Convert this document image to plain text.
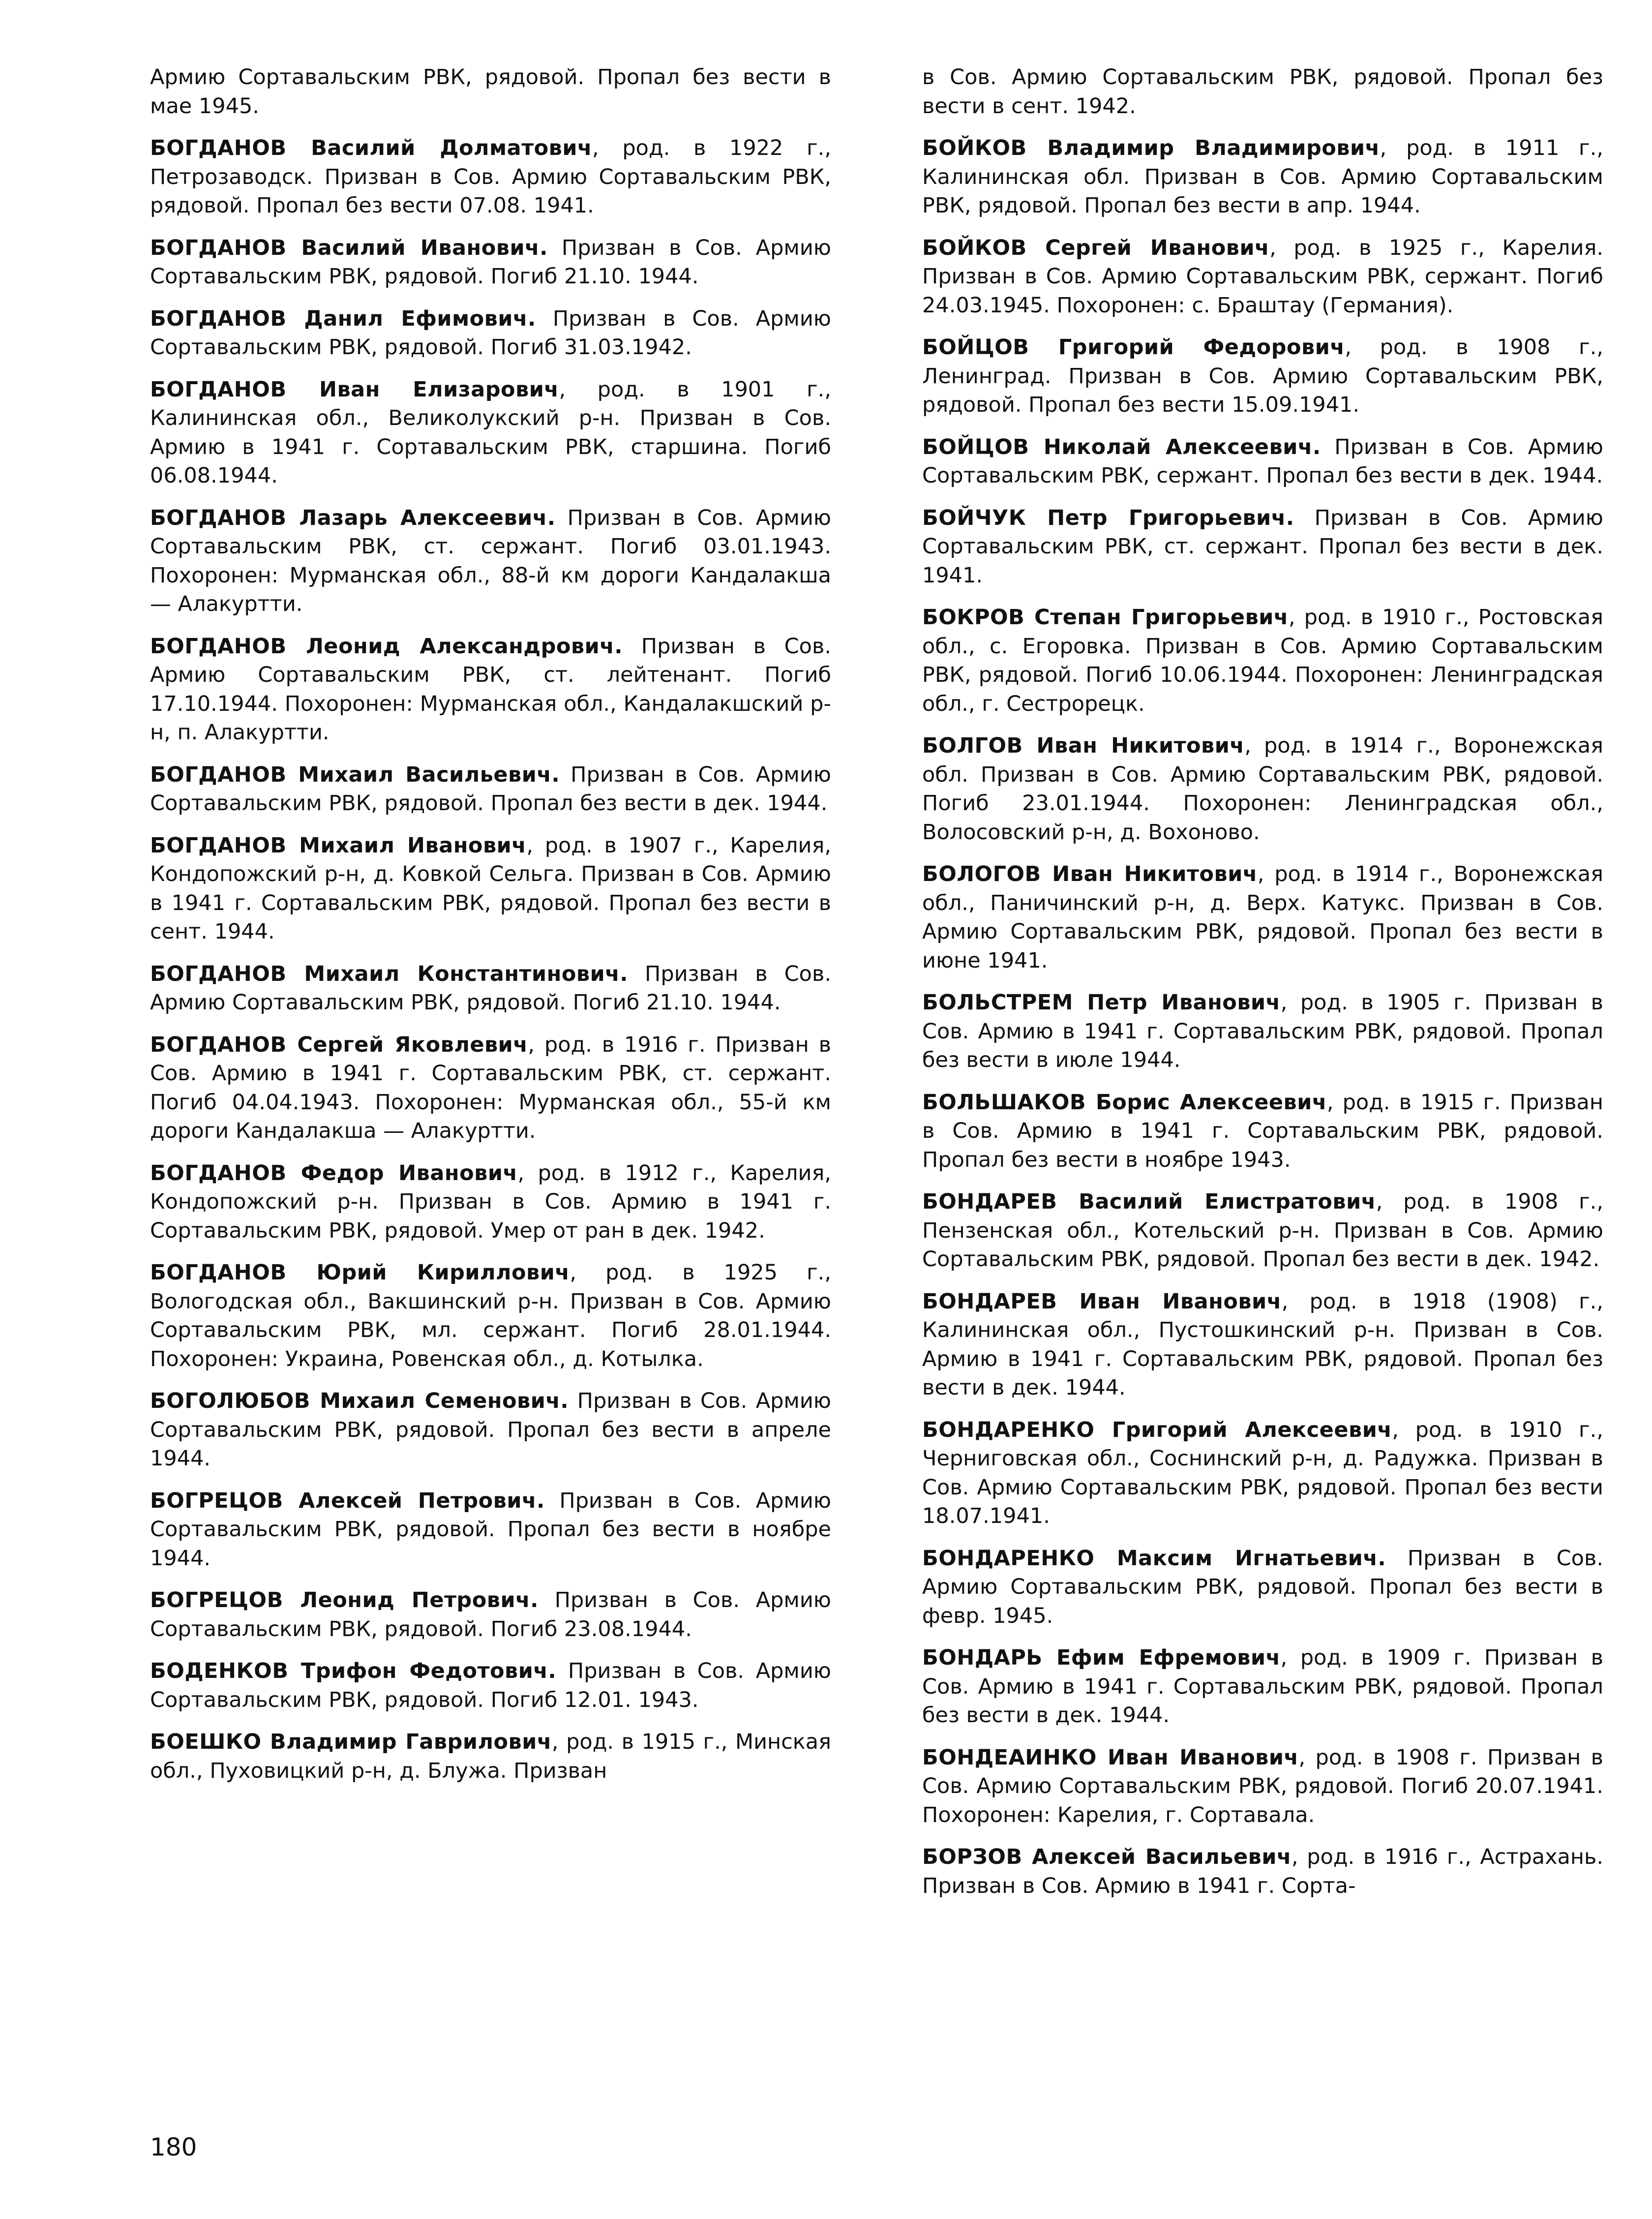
Армию Сортавальским РВК, рядовой. Пропал без вести в мае 1945.

БОГДАНОВ Василий Долматович, род. в 1922 г., Петрозаводск. Призван в Сов. Армию Сортавальским РВК, рядовой. Пропал без вести 07.08. 1941.

БОГДАНОВ Василий Иванович. Призван в Сов. Армию Сортавальским РВК, рядовой. Погиб 21.10. 1944.

БОГДАНОВ Данил Ефимович. Призван в Сов. Армию Сортавальским РВК, рядовой. Погиб 31.03.1942.

БОГДАНОВ Иван Елизарович, род. в 1901 г., Калининская обл., Великолукский р-н. Призван в Сов. Армию в 1941 г. Сортавальским РВК, старшина. Погиб 06.08.1944.

БОГДАНОВ Лазарь Алексеевич. Призван в Сов. Армию Сортавальским РВК, ст. сержант. Погиб 03.01.1943. Похоронен: Мурманская обл., 88-й км дороги Кандалакша — Алакуртти.

БОГДАНОВ Леонид Александрович. Призван в Сов. Армию Сортавальским РВК, ст. лейтенант. Погиб 17.10.1944. Похоронен: Мурманская обл., Кандалакшский р-н, п. Алакуртти.

БОГДАНОВ Михаил Васильевич. Призван в Сов. Армию Сортавальским РВК, рядовой. Пропал без вести в дек. 1944.

БОГДАНОВ Михаил Иванович, род. в 1907 г., Карелия, Кондопожский р-н, д. Ковкой Сельга. Призван в Сов. Армию в 1941 г. Сортавальским РВК, рядовой. Пропал без вести в сент. 1944.

БОГДАНОВ Михаил Константинович. Призван в Сов. Армию Сортавальским РВК, рядовой. Погиб 21.10. 1944.

БОГДАНОВ Сергей Яковлевич, род. в 1916 г. Призван в Сов. Армию в 1941 г. Сортавальским РВК, ст. сержант. Погиб 04.04.1943. Похоронен: Мурманская обл., 55-й км дороги Кандалакша — Алакуртти.

БОГДАНОВ Федор Иванович, род. в 1912 г., Карелия, Кондопожский р-н. Призван в Сов. Армию в 1941 г. Сортавальским РВК, рядовой. Умер от ран в дек. 1942.

БОГДАНОВ Юрий Кириллович, род. в 1925 г., Вологодская обл., Вакшинский р-н. Призван в Сов. Армию Сортавальским РВК, мл. сержант. Погиб 28.01.1944. Похоронен: Украина, Ровенская обл., д. Котылка.

БОГОЛЮБОВ Михаил Семенович. Призван в Сов. Армию Сортавальским РВК, рядовой. Пропал без вести в апреле 1944.

БОГРЕЦОВ Алексей Петрович. Призван в Сов. Армию Сортавальским РВК, рядовой. Пропал без вести в ноябре 1944.

БОГРЕЦОВ Леонид Петрович. Призван в Сов. Армию Сортавальским РВК, рядовой. Погиб 23.08.1944.

БОДЕНКОВ Трифон Федотович. Призван в Сов. Армию Сортавальским РВК, рядовой. Погиб 12.01. 1943.

БОЕШКО Владимир Гаврилович, род. в 1915 г., Минская обл., Пуховицкий р-н, д. Блужа. Призван

в Сов. Армию Сортавальским РВК, рядовой. Пропал без вести в сент. 1942.

БОЙКОВ Владимир Владимирович, род. в 1911 г., Калининская обл. Призван в Сов. Армию Сортавальским РВК, рядовой. Пропал без вести в апр. 1944.

БОЙКОВ Сергей Иванович, род. в 1925 г., Карелия. Призван в Сов. Армию Сортавальским РВК, сержант. Погиб 24.03.1945. Похоронен: с. Браштау (Германия).

БОЙЦОВ Григорий Федорович, род. в 1908 г., Ленинград. Призван в Сов. Армию Сортавальским РВК, рядовой. Пропал без вести 15.09.1941.

БОЙЦОВ Николай Алексеевич. Призван в Сов. Армию Сортавальским РВК, сержант. Пропал без вести в дек. 1944.

БОЙЧУК Петр Григорьевич. Призван в Сов. Армию Сортавальским РВК, ст. сержант. Пропал без вести в дек. 1941.

БОКРОВ Степан Григорьевич, род. в 1910 г., Ростовская обл., с. Егоровка. Призван в Сов. Армию Сортавальским РВК, рядовой. Погиб 10.06.1944. Похоронен: Ленинградская обл., г. Сестрорецк.

БОЛГОВ Иван Никитович, род. в 1914 г., Воронежская обл. Призван в Сов. Армию Сортавальским РВК, рядовой. Погиб 23.01.1944. Похоронен: Ленинградская обл., Волосовский р-н, д. Вохоново.

БОЛОГОВ Иван Никитович, род. в 1914 г., Воронежская обл., Паничинский р-н, д. Верх. Катукс. Призван в Сов. Армию Сортавальским РВК, рядовой. Пропал без вести в июне 1941.

БОЛЬСТРЕМ Петр Иванович, род. в 1905 г. Призван в Сов. Армию в 1941 г. Сортавальским РВК, рядовой. Пропал без вести в июле 1944.

БОЛЬШАКОВ Борис Алексеевич, род. в 1915 г. Призван в Сов. Армию в 1941 г. Сортавальским РВК, рядовой. Пропал без вести в ноябре 1943.

БОНДАРЕВ Василий Елистратович, род. в 1908 г., Пензенская обл., Котельский р-н. Призван в Сов. Армию Сортавальским РВК, рядовой. Пропал без вести в дек. 1942.

БОНДАРЕВ Иван Иванович, род. в 1918 (1908) г., Калининская обл., Пустошкинский р-н. Призван в Сов. Армию в 1941 г. Сортавальским РВК, рядовой. Пропал без вести в дек. 1944.

БОНДАРЕНКО Григорий Алексеевич, род. в 1910 г., Черниговская обл., Соснинский р-н, д. Радужка. Призван в Сов. Армию Сортавальским РВК, рядовой. Пропал без вести 18.07.1941.

БОНДАРЕНКО Максим Игнатьевич. Призван в Сов. Армию Сортавальским РВК, рядовой. Пропал без вести в февр. 1945.

БОНДАРЬ Ефим Ефремович, род. в 1909 г. Призван в Сов. Армию в 1941 г. Сортавальским РВК, рядовой. Пропал без вести в дек. 1944.

БОНДЕАИНКО Иван Иванович, род. в 1908 г. Призван в Сов. Армию Сортавальским РВК, рядовой. Погиб 20.07.1941. Похоронен: Карелия, г. Сортавала.

БОРЗОВ Алексей Васильевич, род. в 1916 г., Астрахань. Призван в Сов. Армию в 1941 г. Сорта-

180
